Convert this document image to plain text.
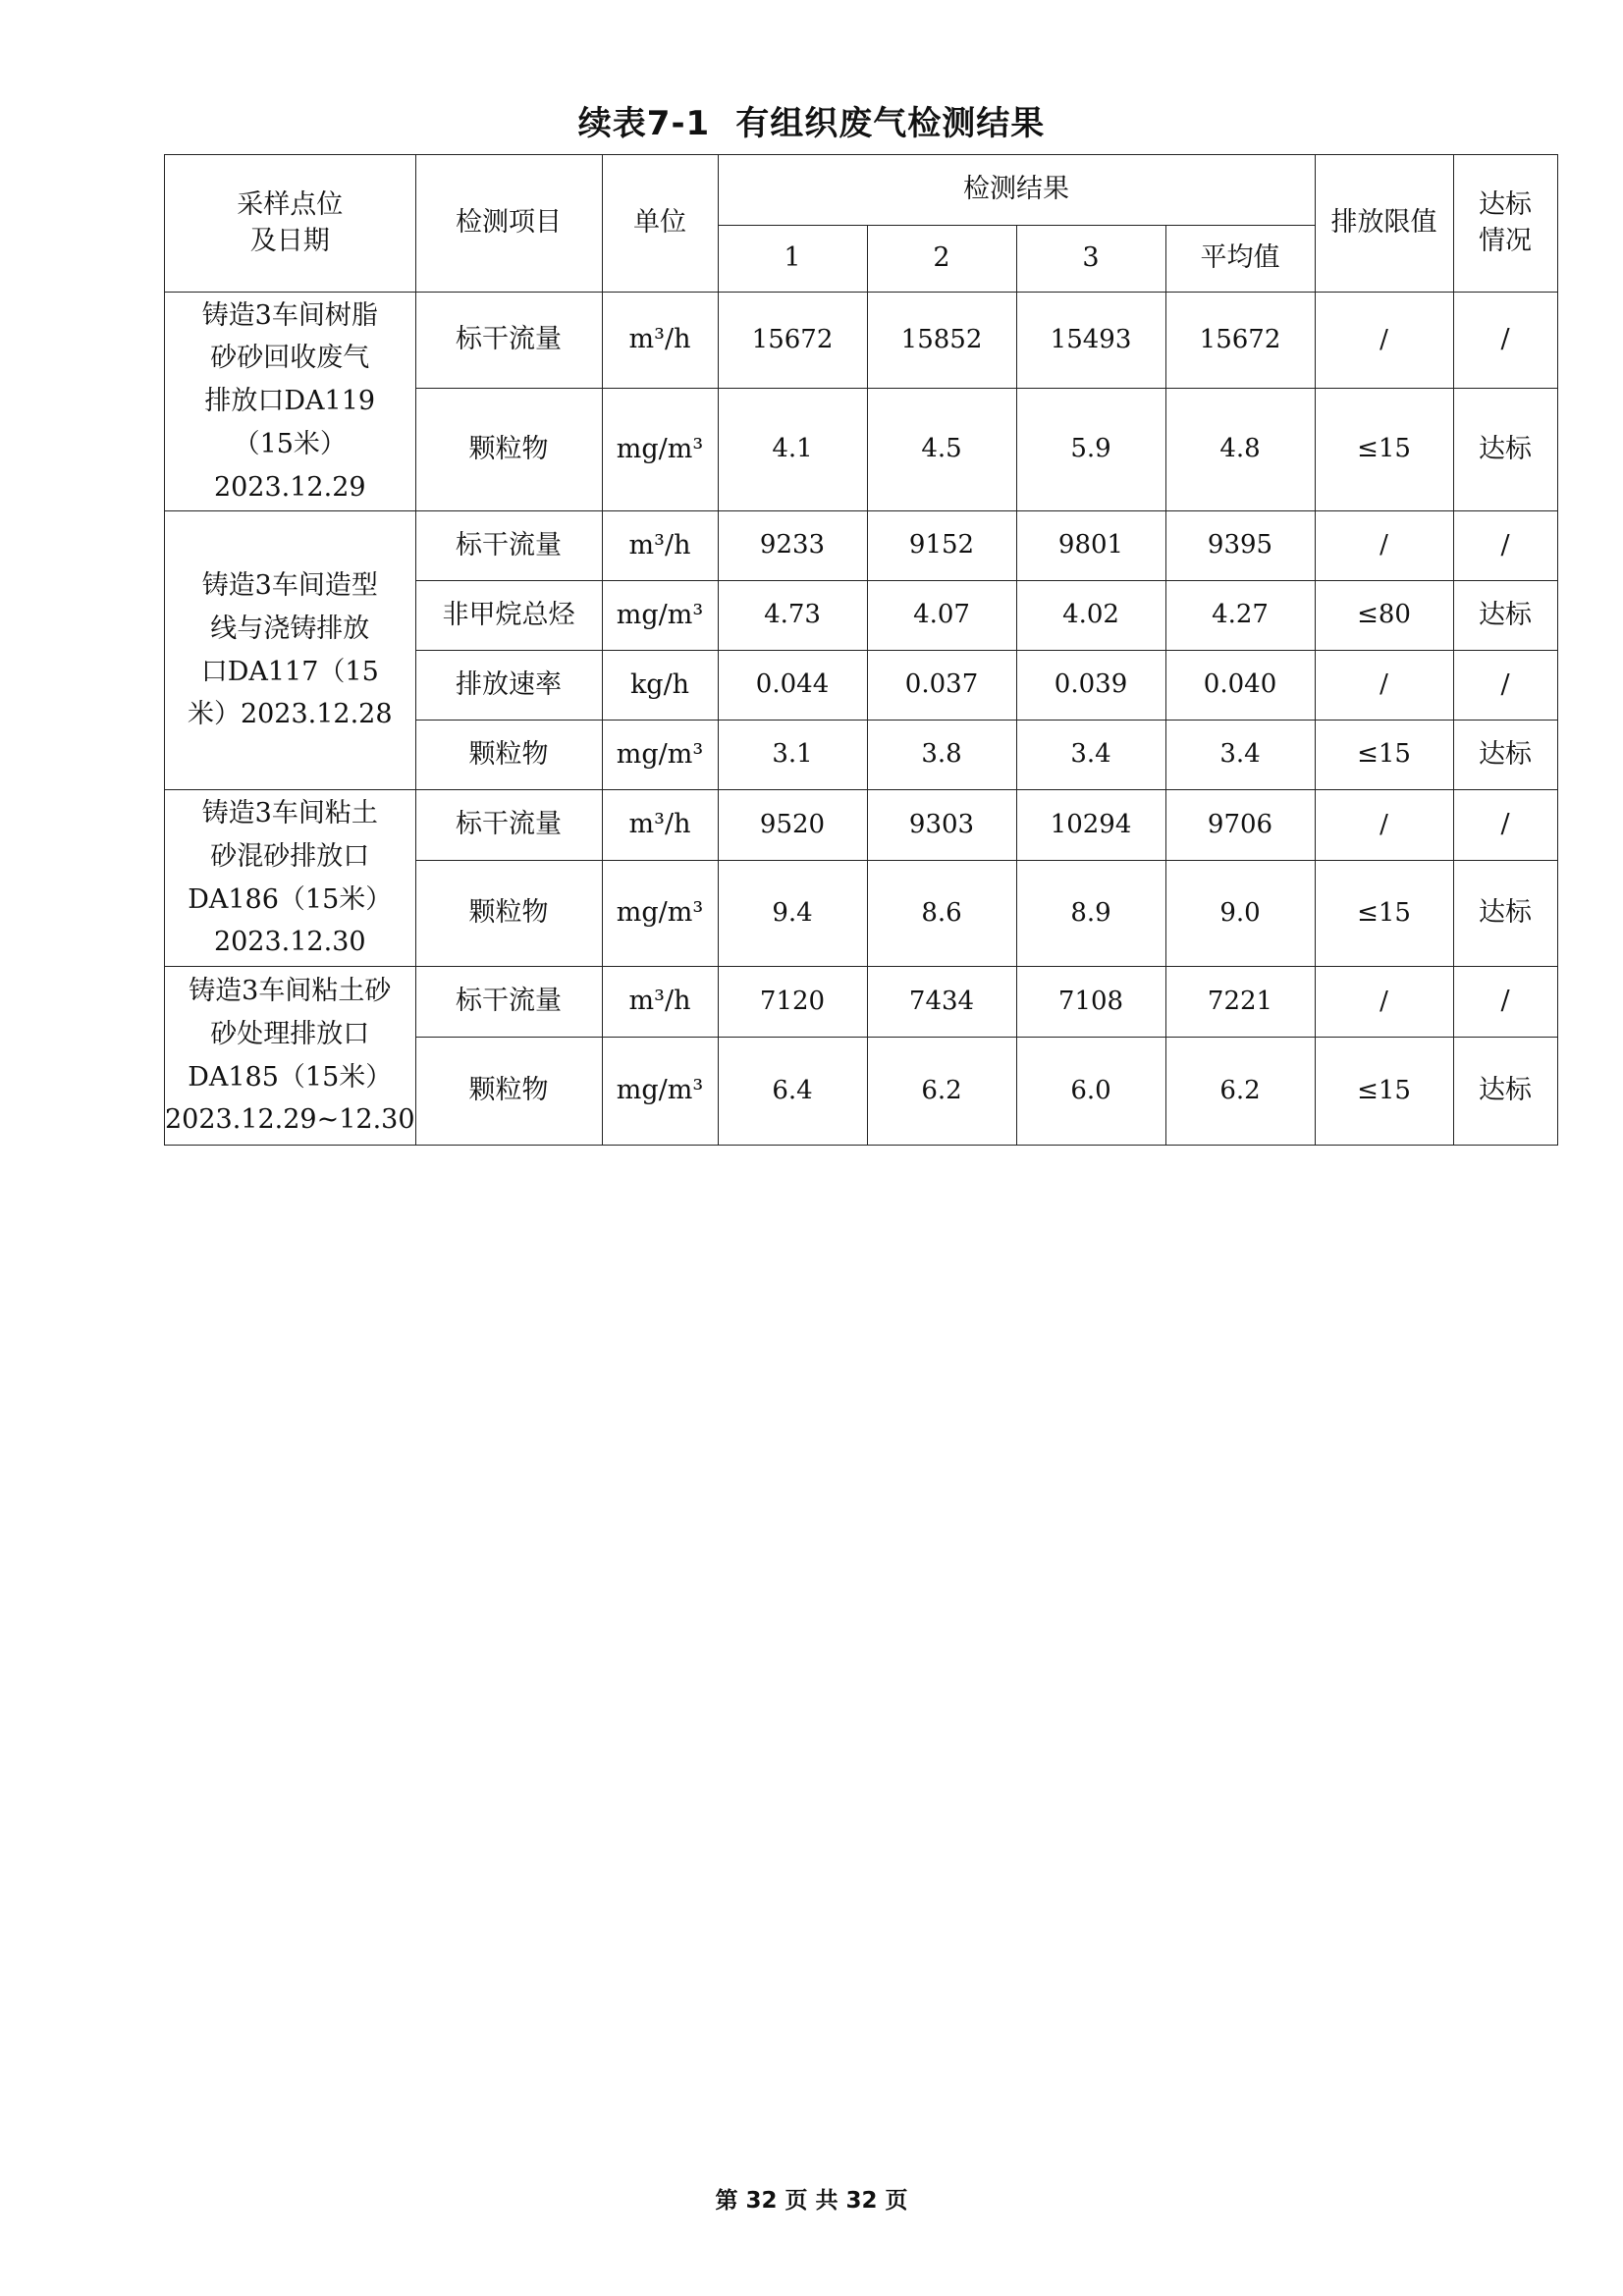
续表7-1 有组织废气检测结果
采样点位
及日期	检测项目	单位	检测结果				排放限值	达标
情况
			1	2	3	平均值		
铸造3车间树脂
砂砂回收废气
排放口DA119
（15米）
2023.12.29	标干流量	m³/h	15672	15852	15493	15672	/	/
	颗粒物	mg/m³	4.1	4.5	5.9	4.8	≤15	达标
铸造3车间造型
线与浇铸排放
口DA117（15
米）2023.12.28	标干流量	m³/h	9233	9152	9801	9395	/	/
	非甲烷总烃	mg/m³	4.73	4.07	4.02	4.27	≤80	达标
	排放速率	kg/h	0.044	0.037	0.039	0.040	/	/
	颗粒物	mg/m³	3.1	3.8	3.4	3.4	≤15	达标
铸造3车间粘土
砂混砂排放口
DA186（15米）
2023.12.30	标干流量	m³/h	9520	9303	10294	9706	/	/
	颗粒物	mg/m³	9.4	8.6	8.9	9.0	≤15	达标
铸造3车间粘土砂
砂处理排放口
DA185（15米）
2023.12.29~12.30	标干流量	m³/h	7120	7434	7108	7221	/	/
	颗粒物	mg/m³	6.4	6.2	6.0	6.2	≤15	达标
第 32 页 共 32 页
